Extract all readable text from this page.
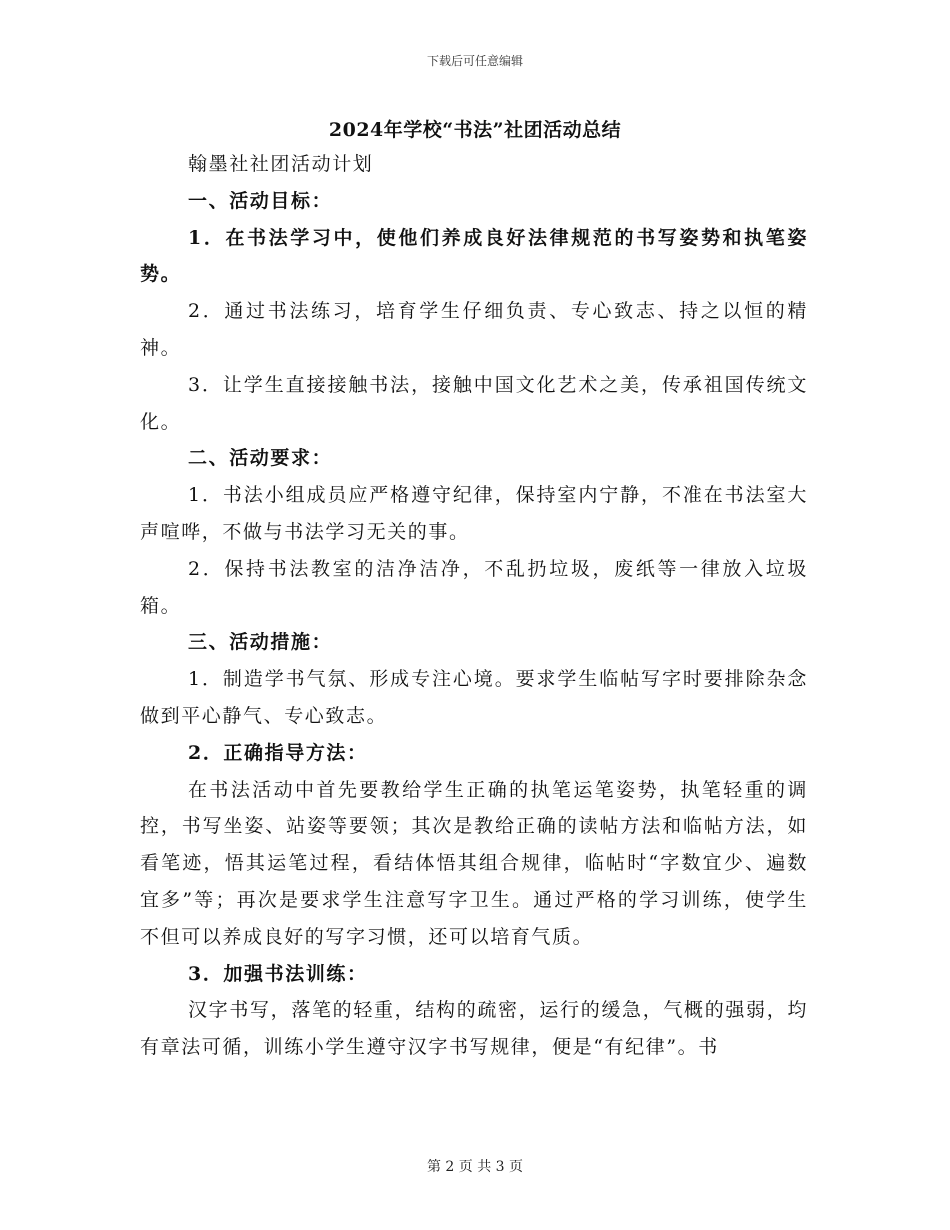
下载后可任意编辑
2024年学校“书法”社团活动总结

翰墨社社团活动计划

一、活动目标：

1．在书法学习中，使他们养成良好法律规范的书写姿势和执笔姿势。

2．通过书法练习，培育学生仔细负责、专心致志、持之以恒的精神。

3．让学生直接接触书法，接触中国文化艺术之美，传承祖国传统文化。

二、活动要求：

1．书法小组成员应严格遵守纪律，保持室内宁静，不准在书法室大声喧哗，不做与书法学习无关的事。

2．保持书法教室的洁净洁净，不乱扔垃圾，废纸等一律放入垃圾箱。

三、活动措施：

1．制造学书气氛、形成专注心境。要求学生临帖写字时要排除杂念做到平心静气、专心致志。

2．正确指导方法：

在书法活动中首先要教给学生正确的执笔运笔姿势，执笔轻重的调控，书写坐姿、站姿等要领；其次是教给正确的读帖方法和临帖方法，如看笔迹，悟其运笔过程，看结体悟其组合规律，临帖时“字数宜少、遍数宜多”等；再次是要求学生注意写字卫生。通过严格的学习训练，使学生不但可以养成良好的写字习惯，还可以培育气质。

3．加强书法训练：

汉字书写，落笔的轻重，结构的疏密，运行的缓急，气概的强弱，均有章法可循，训练小学生遵守汉字书写规律，便是“有纪律”。书

第 2 页 共 3 页
